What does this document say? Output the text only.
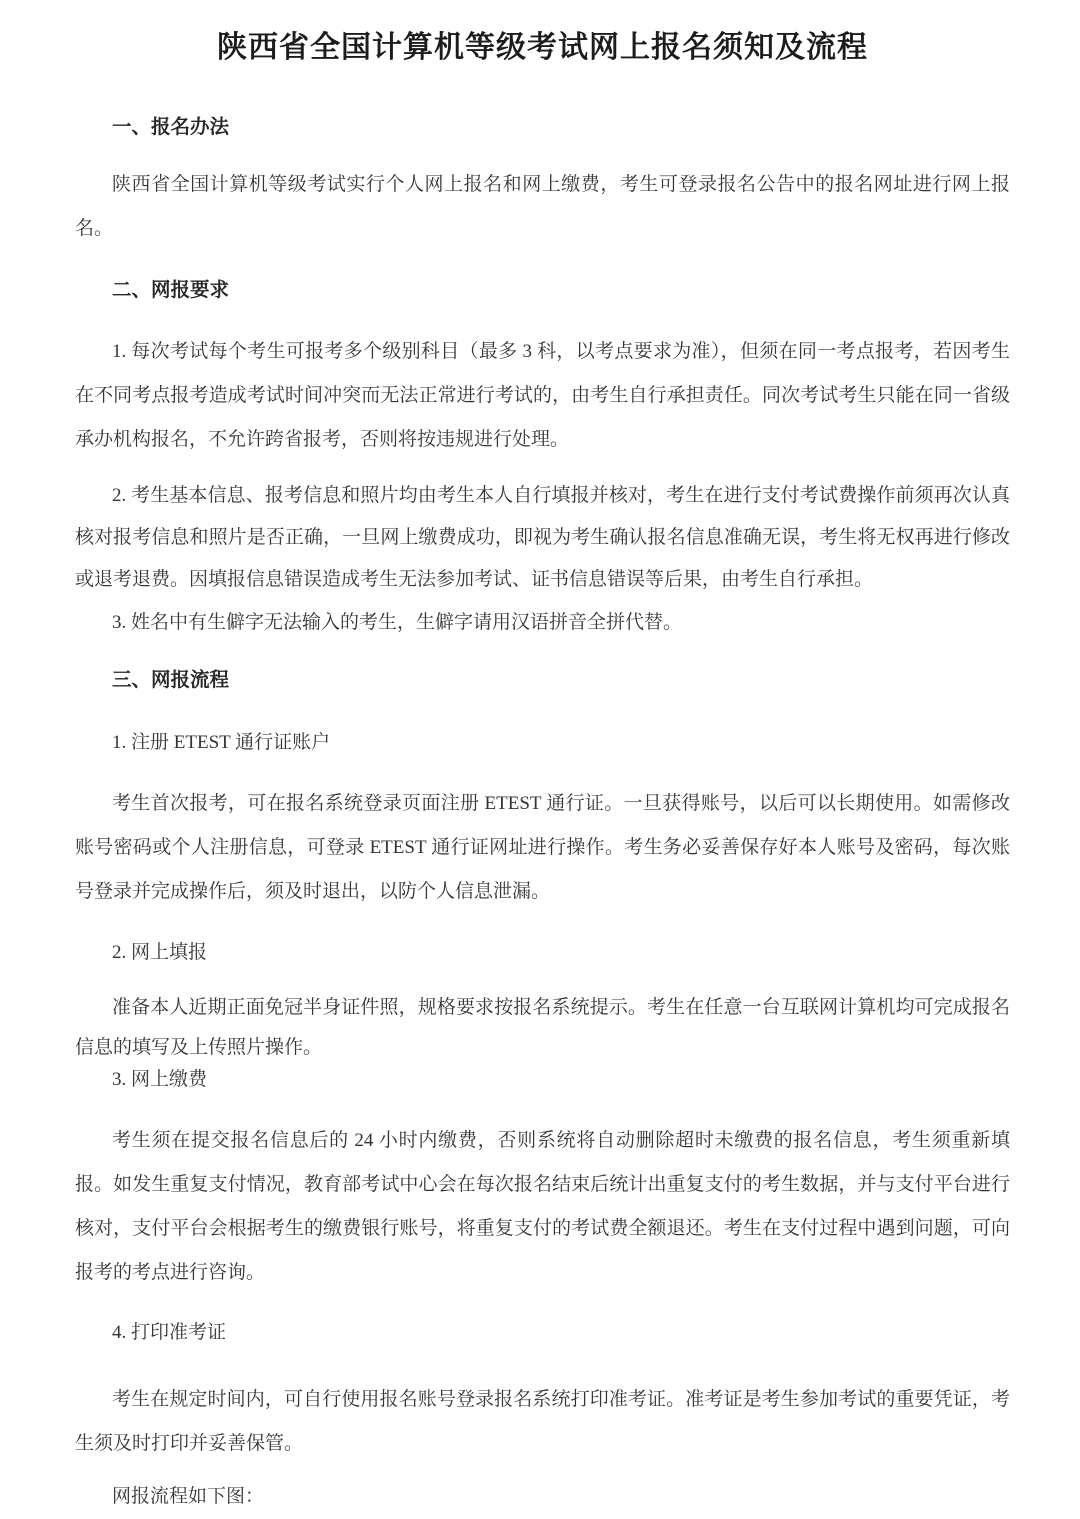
陕西省全国计算机等级考试网上报名须知及流程
一、报名办法

陕西省全国计算机等级考试实行个人网上报名和网上缴费，考生可登录报名公告中的报名网址进行网上报名。

二、网报要求

1. 每次考试每个考生可报考多个级别科目（最多 3 科，以考点要求为准），但须在同一考点报考，若因考生在不同考点报考造成考试时间冲突而无法正常进行考试的，由考生自行承担责任。同次考试考生只能在同一省级承办机构报名，不允许跨省报考，否则将按违规进行处理。

2. 考生基本信息、报考信息和照片均由考生本人自行填报并核对，考生在进行支付考试费操作前须再次认真核对报考信息和照片是否正确，一旦网上缴费成功，即视为考生确认报名信息准确无误，考生将无权再进行修改或退考退费。因填报信息错误造成考生无法参加考试、证书信息错误等后果，由考生自行承担。

3. 姓名中有生僻字无法输入的考生，生僻字请用汉语拼音全拼代替。

三、网报流程

1. 注册 ETEST 通行证账户

考生首次报考，可在报名系统登录页面注册 ETEST 通行证。一旦获得账号，以后可以长期使用。如需修改账号密码或个人注册信息，可登录 ETEST 通行证网址进行操作。考生务必妥善保存好本人账号及密码，每次账号登录并完成操作后，须及时退出，以防个人信息泄漏。

2. 网上填报

准备本人近期正面免冠半身证件照，规格要求按报名系统提示。考生在任意一台互联网计算机均可完成报名信息的填写及上传照片操作。

3. 网上缴费

考生须在提交报名信息后的 24 小时内缴费，否则系统将自动删除超时未缴费的报名信息，考生须重新填报。如发生重复支付情况，教育部考试中心会在每次报名结束后统计出重复支付的考生数据，并与支付平台进行核对，支付平台会根据考生的缴费银行账号，将重复支付的考试费全额退还。考生在支付过程中遇到问题，可向报考的考点进行咨询。

4. 打印准考证

考生在规定时间内，可自行使用报名账号登录报名系统打印准考证。准考证是考生参加考试的重要凭证，考生须及时打印并妥善保管。

网报流程如下图：
